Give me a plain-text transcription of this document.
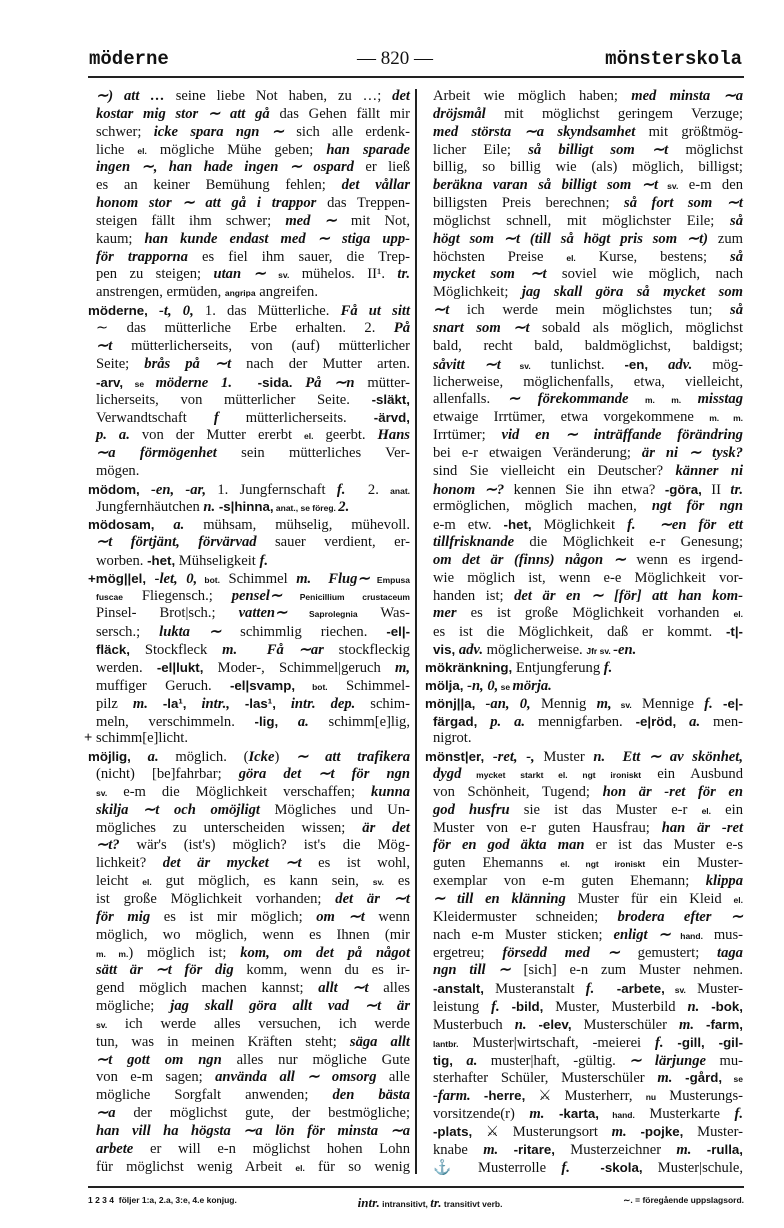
möderne	— 820 —	mönsterskola
∼) att … seine liebe Not haben, zu …; det
kostar mig stor ∼ att gå das Gehen fällt mir
schwer; icke spara ngn ∼ sich alle erdenk-
liche el. mögliche Mühe geben; han sparade
ingen ∼, han hade ingen ∼ ospard er ließ
es an keiner Bemühung fehlen; det vållar
honom stor ∼ att gå i trappor das Treppen-
steigen fällt ihm schwer; med ∼ mit Not,
kaum; han kunde endast med ∼ stiga upp-
för trapporna es fiel ihm sauer, die Trep-
pen zu steigen; utan ∼ sv. mühelos. II¹. tr.
anstrengen, ermüden, angripa angreifen.
möderne, -t, 0, 1. das Mütterliche. Få ut sitt
∼ das mütterliche Erbe erhalten. 2. På
∼t mütterlicherseits, von (auf) mütterlicher
Seite; brås på ∼t nach der Mutter arten.
-arv, se möderne 1.  -sida. På ∼n mütter-
licherseits, von mütterlicher Seite. -släkt,
Verwandtschaft f mütterlicherseits. -ärvd,
p. a. von der Mutter ererbt el. geerbt. Hans
∼a förmögenhet sein mütterliches Ver-
mögen.
mödom, -en, -ar, 1. Jungfernschaft f.  2. anat.
Jungfernhäutchen n. -s|hinna, anat., se föreg. 2.
mödosam, a. mühsam, mühselig, mühevoll.
∼t förtjänt, förvärvad sauer verdient, er-
worben. -het, Mühseligkeit f.
+mög||el, -let, 0, bot. Schimmel m.  Flug∼ Empusa
fuscae Fliegensch.; pensel∼ Penicillium crustaceum
Pinsel- Brot|sch.; vatten∼ Saprolegnia Was-
sersch.; lukta ∼ schimmlig riechen. -el|-
fläck, Stockfleck m.  Få ∼ar stockfleckig
werden. -el|lukt, Moder-, Schimmel|geruch m,
muffiger Geruch. -el|svamp, bot. Schimmel-
pilz m. -la¹, intr., -las¹, intr. dep. schim-
meln, verschimmeln. -lig, a. schimm[e]lig,
+ schimm[e]licht.
möjlig, a. möglich. (Icke) ∼ att trafikera
(nicht) [be]fahrbar; göra det ∼t för ngn
sv. e-m die Möglichkeit verschaffen; kunna
skilja ∼t och omöjligt Mögliches und Un-
mögliches zu unterscheiden wissen; är det
∼t? wär's (ist's) möglich? ist's die Mög-
lichkeit? det är mycket ∼t es ist wohl,
leicht el. gut möglich, es kann sein, sv. es
ist große Möglichkeit vorhanden; det är ∼t
för mig es ist mir möglich; om ∼t wenn
möglich, wo möglich, wenn es Ihnen (mir
m. m.) möglich ist; kom, om det på något
sätt är ∼t för dig komm, wenn du es ir-
gend möglich machen kannst; allt ∼t alles
mögliche; jag skall göra allt vad ∼t är
sv. ich werde alles versuchen, ich werde
tun, was in meinen Kräften steht; säga allt
∼t gott om ngn alles nur mögliche Gute
von e-m sagen; använda all ∼ omsorg alle
mögliche Sorgfalt anwenden; den bästa
∼a der möglichst gute, der bestmögliche;
han vill ha högsta ∼a lön för minsta ∼a
arbete er will e-n möglichst hohen Lohn
für möglichst wenig Arbeit el. für so wenig
Arbeit wie möglich haben; med minsta ∼a
dröjsmål mit möglichst geringem Verzuge;
med största ∼a skyndsamhet mit größtmög-
licher Eile; så billigt som ∼t möglichst
billig, so billig wie (als) möglich, billigst;
beräkna varan så billigt som ∼t sv. e-m den
billigsten Preis berechnen; så fort som ∼t
möglichst schnell, mit möglichster Eile; så
högt som ∼t (till så högt pris som ∼t) zum
höchsten Preise el. Kurse, bestens; så
mycket som ∼t soviel wie möglich, nach
Möglichkeit; jag skall göra så mycket som
∼t ich werde mein möglichstes tun; så
snart som ∼t sobald als möglich, möglichst
bald, recht bald, baldmöglichst, baldigst;
såvitt ∼t sv. tunlichst. -en, adv. mög-
licherweise, möglichenfalls, etwa, vielleicht,
allenfalls. ∼ förekommande m. m. misstag
etwaige Irrtümer, etwa vorgekommene m. m.
Irrtümer; vid en ∼ inträffande förändring
bei e-r etwaigen Veränderung; är ni ∼ tysk?
sind Sie vielleicht ein Deutscher? känner ni
honom ∼? kennen Sie ihn etwa? -göra, II tr.
ermöglichen, möglich machen, ngt för ngn
e-m etw. -het, Möglichkeit f.  ∼en för ett
tillfrisknande die Möglichkeit e-r Genesung;
om det är (finns) någon ∼ wenn es irgend-
wie möglich ist, wenn e-e Möglichkeit vor-
handen ist; det är en ∼ [för] att han kom-
mer es ist große Möglichkeit vorhanden el.
es ist die Möglichkeit, daß er kommt. -t|-
vis, adv. möglicherweise. Jfr sv. -en.
mökränkning, Entjungferung f.
mölja, -n, 0, se mörja.
mönj||a, -an, 0, Mennig m, sv. Mennige f. -e|-
färgad, p. a. mennigfarben. -e|röd, a. men-
nigrot.
mönst|er, -ret, -, Muster n.  Ett ∼ av skönhet,
dygd mycket starkt el. ngt ironiskt ein Ausbund
von Schönheit, Tugend; hon är -ret för en
god husfru sie ist das Muster e-r el. ein
Muster von e-r guten Hausfrau; han är -ret
för en god äkta man er ist das Muster e-s
guten Ehemanns el. ngt ironiskt ein Muster-
exemplar von e-m guten Ehemann; klippa
∼ till en klänning Muster für ein Kleid el.
Kleidermuster schneiden; brodera efter ∼
nach e-m Muster sticken; enligt ∼ hand. mus-
ergetreu; försedd med ∼ gemustert; taga
ngn till ∼ [sich] e-n zum Muster nehmen.
-anstalt, Musteranstalt f.  -arbete, sv. Muster-
leistung f. -bild, Muster, Musterbild n. -bok,
Musterbuch n. -elev, Musterschüler m. -farm,
lantbr. Muster|wirtschaft, -meierei f. -gill, -gil-
tig, a. muster|haft, -gültig. ∼ lärjunge mu-
sterhafter Schüler, Musterschüler m. -gård, se
-farm. -herre, ⚔ Musterherr, nu Musterungs-
vorsitzende(r) m. -karta, hand. Musterkarte f.
-plats, ⚔ Musterungsort m. -pojke, Muster-
knabe m. -ritare, Musterzeichner m. -rulla,
⚓ Musterrolle f.  -skola, Muster|schule,
1 2 3 4 följer 1:a, 2.a, 3:e, 4.e konjug.	intr. intransitivt, tr. transitivt verb.	∼. = föregående uppslagsord.
